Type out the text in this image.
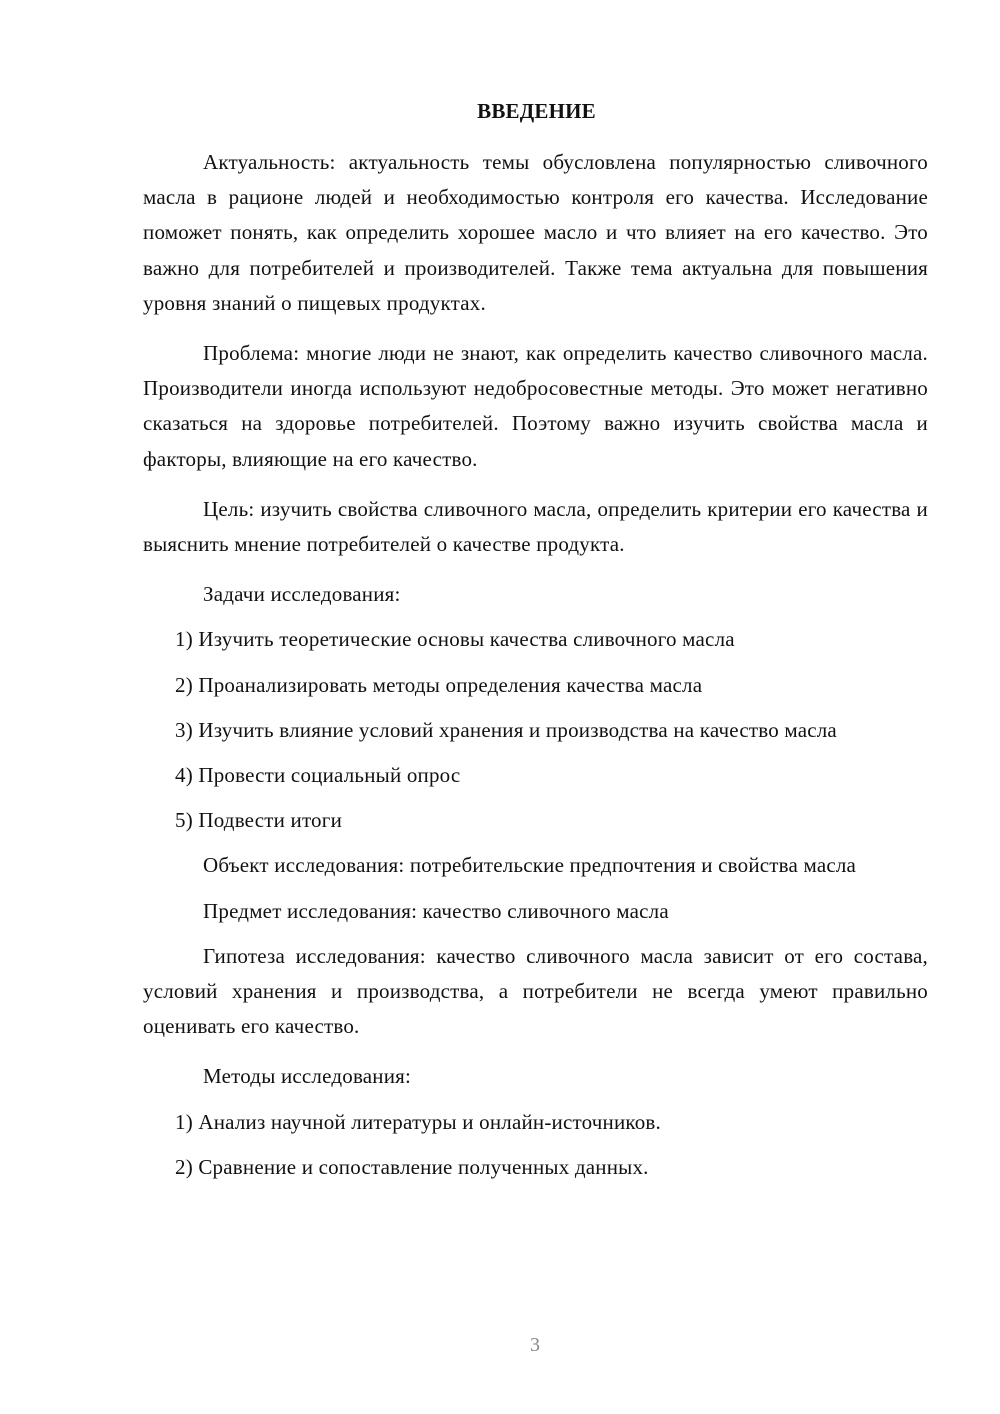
ВВЕДЕНИЕ

Актуальность: актуальность темы обусловлена популярностью сливочного масла в рационе людей и необходимостью контроля его качества. Исследование поможет понять, как определить хорошее масло и что влияет на его качество. Это важно для потребителей и производителей. Также тема актуальна для повышения уровня знаний о пищевых продуктах.

Проблема: многие люди не знают, как определить качество сливочного масла. Производители иногда используют недобросовестные методы. Это может негативно сказаться на здоровье потребителей. Поэтому важно изучить свойства масла и факторы, влияющие на его качество.

Цель: изучить свойства сливочного масла, определить критерии его качества и выяснить мнение потребителей о качестве продукта.

Задачи исследования:

1) Изучить теоретические основы качества сливочного масла

2) Проанализировать методы определения качества масла

3) Изучить влияние условий хранения и производства на качество масла

4) Провести социальный опрос

5) Подвести итоги

Объект исследования: потребительские предпочтения и свойства масла

Предмет исследования: качество сливочного масла

Гипотеза исследования: качество сливочного масла зависит от его состава, условий хранения и производства, а потребители не всегда умеют правильно оценивать его качество.

Методы исследования:

1) Анализ научной литературы и онлайн-источников.

2) Сравнение и сопоставление полученных данных.

3
